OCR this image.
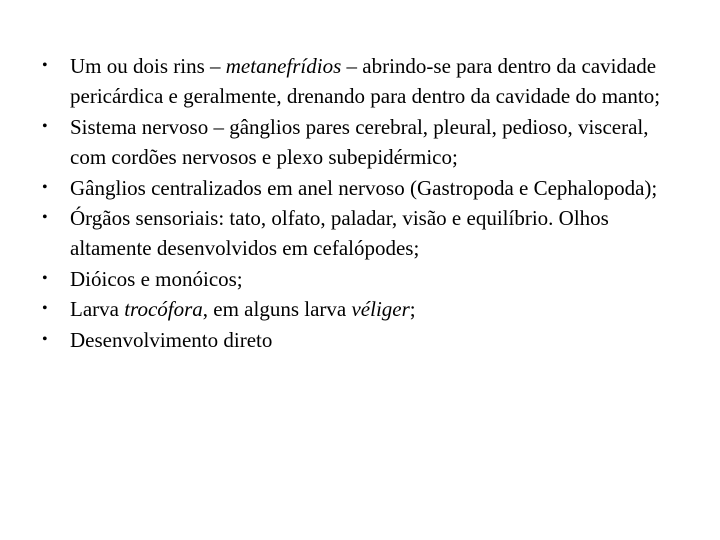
• Um ou dois rins – metanefrídios – abrindo-se para dentro da cavidade pericárdica e geralmente, drenando para dentro da cavidade do manto;
• Sistema nervoso – gânglios pares cerebral, pleural, pedioso, visceral, com cordões nervosos e plexo subepidérmico;
• Gânglios centralizados em anel nervoso (Gastropoda e Cephalopoda);
• Órgãos sensoriais: tato, olfato, paladar, visão e equilíbrio. Olhos altamente desenvolvidos em cefalópodes;
• Dióicos e monóicos;
• Larva trocófora, em alguns larva véliger;
• Desenvolvimento direto
